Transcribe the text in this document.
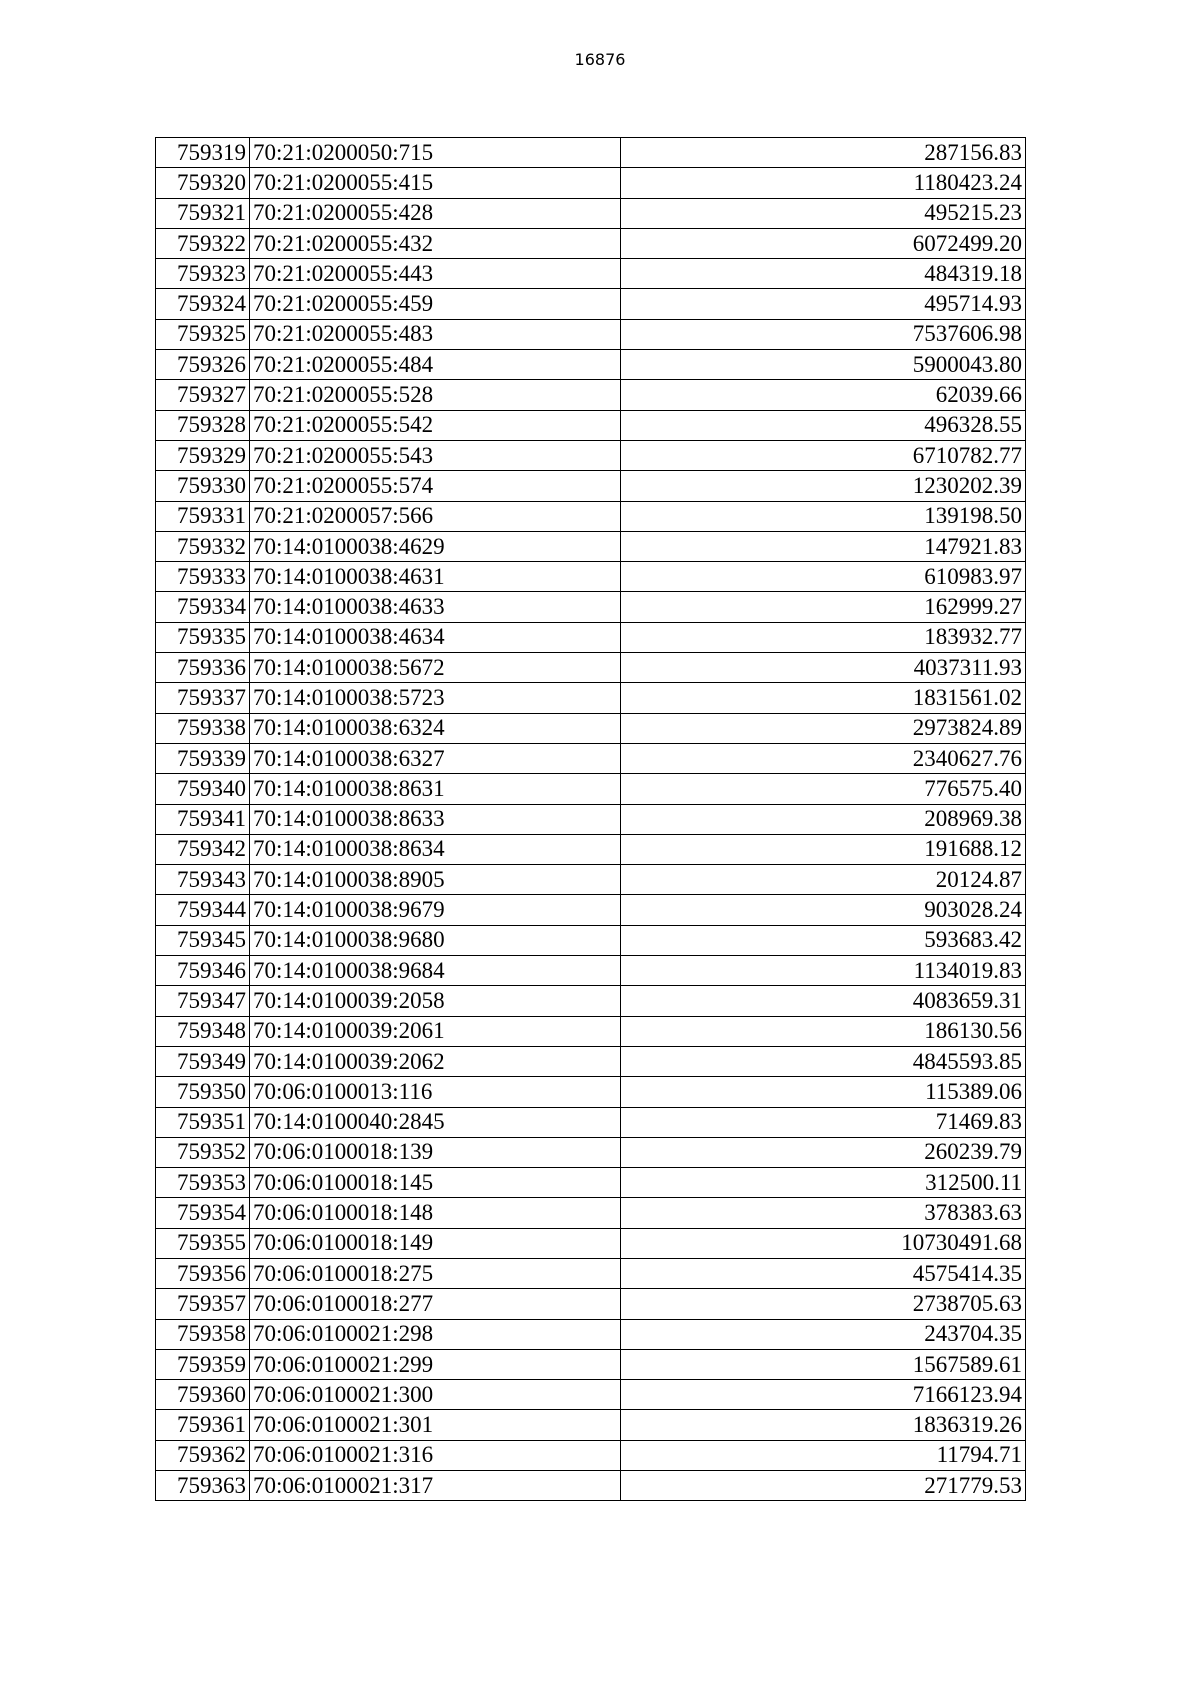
16876
759319	70:21:0200050:715	287156.83
759320	70:21:0200055:415	1180423.24
759321	70:21:0200055:428	495215.23
759322	70:21:0200055:432	6072499.20
759323	70:21:0200055:443	484319.18
759324	70:21:0200055:459	495714.93
759325	70:21:0200055:483	7537606.98
759326	70:21:0200055:484	5900043.80
759327	70:21:0200055:528	62039.66
759328	70:21:0200055:542	496328.55
759329	70:21:0200055:543	6710782.77
759330	70:21:0200055:574	1230202.39
759331	70:21:0200057:566	139198.50
759332	70:14:0100038:4629	147921.83
759333	70:14:0100038:4631	610983.97
759334	70:14:0100038:4633	162999.27
759335	70:14:0100038:4634	183932.77
759336	70:14:0100038:5672	4037311.93
759337	70:14:0100038:5723	1831561.02
759338	70:14:0100038:6324	2973824.89
759339	70:14:0100038:6327	2340627.76
759340	70:14:0100038:8631	776575.40
759341	70:14:0100038:8633	208969.38
759342	70:14:0100038:8634	191688.12
759343	70:14:0100038:8905	20124.87
759344	70:14:0100038:9679	903028.24
759345	70:14:0100038:9680	593683.42
759346	70:14:0100038:9684	1134019.83
759347	70:14:0100039:2058	4083659.31
759348	70:14:0100039:2061	186130.56
759349	70:14:0100039:2062	4845593.85
759350	70:06:0100013:116	115389.06
759351	70:14:0100040:2845	71469.83
759352	70:06:0100018:139	260239.79
759353	70:06:0100018:145	312500.11
759354	70:06:0100018:148	378383.63
759355	70:06:0100018:149	10730491.68
759356	70:06:0100018:275	4575414.35
759357	70:06:0100018:277	2738705.63
759358	70:06:0100021:298	243704.35
759359	70:06:0100021:299	1567589.61
759360	70:06:0100021:300	7166123.94
759361	70:06:0100021:301	1836319.26
759362	70:06:0100021:316	11794.71
759363	70:06:0100021:317	271779.53
